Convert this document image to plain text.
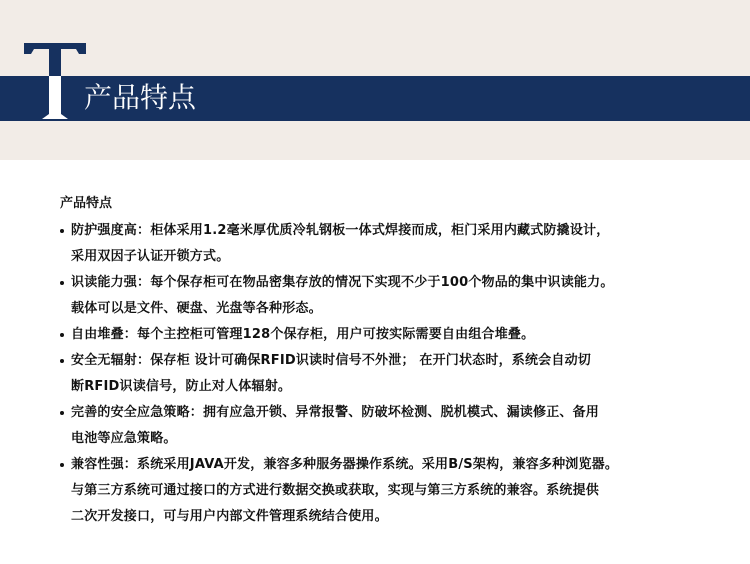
产品特点
产品特点
防护强度高：柜体采用1.2毫米厚优质冷轧钢板一体式焊接而成，柜门采用内藏式防撬设计，
采用双因子认证开锁方式。
识读能力强：每个保存柜可在物品密集存放的情况下实现不少于100个物品的集中识读能力。
载体可以是文件、硬盘、光盘等各种形态。
自由堆叠：每个主控柜可管理128个保存柜，用户可按实际需要自由组合堆叠。
安全无辐射：保存柜 设计可确保RFID识读时信号不外泄； 在开门状态时，系统会自动切
断RFID识读信号，防止对人体辐射。
完善的安全应急策略：拥有应急开锁、异常报警、防破坏检测、脱机模式、漏读修正、备用
电池等应急策略。
兼容性强：系统采用JAVA开发，兼容多种服务器操作系统。采用B/S架构，兼容多种浏览器。
与第三方系统可通过接口的方式进行数据交换或获取，实现与第三方系统的兼容。系统提供
二次开发接口，可与用户内部文件管理系统结合使用。
